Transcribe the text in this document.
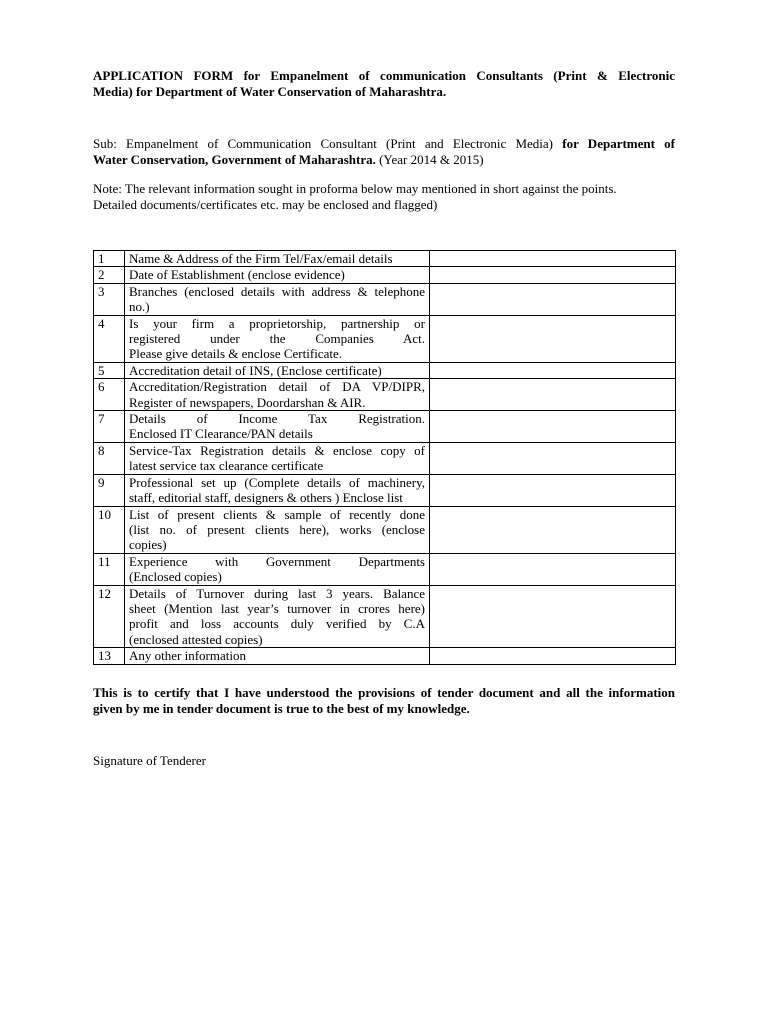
APPLICATION FORM for Empanelment of communication Consultants (Print & Electronic
Media) for Department of Water Conservation of Maharashtra.
Sub: Empanelment of Communication Consultant (Print and Electronic Media) for Department of
Water Conservation, Government of Maharashtra. (Year 2014 & 2015)
Note: The relevant information sought in proforma below may mentioned in short against the points.
Detailed documents/certificates etc. may be enclosed and flagged)
1	Name & Address of the Firm Tel/Fax/email details	

2	Date of Establishment (enclose evidence)	

3	Branches (enclosed details with address & telephone
no.)	

4	Is your firm a proprietorship, partnership or
registered under the Companies Act.
Please give details & enclose Certificate.	

5	Accreditation detail of INS, (Enclose certificate)	

6	Accreditation/Registration detail of DA VP/DIPR,
Register of newspapers, Doordarshan & AIR.	

7	Details of Income Tax Registration.
Enclosed IT Clearance/PAN details	

8	Service-Tax Registration details & enclose copy of
latest service tax clearance certificate	

9	Professional set up (Complete details of machinery,
staff, editorial staff, designers & others ) Enclose list	

10	List of present clients & sample of recently done
(list no. of present clients here), works (enclose
copies)	

11	Experience with Government Departments
(Enclosed copies)	

12	Details of Turnover during last 3 years. Balance
sheet (Mention last year’s turnover in crores here)
profit and loss accounts duly verified by C.A
(enclosed attested copies)	

13	Any other information	

This is to certify that I have understood the provisions of tender document and all the information
given by me in tender document is true to the best of my knowledge.
Signature of Tenderer
